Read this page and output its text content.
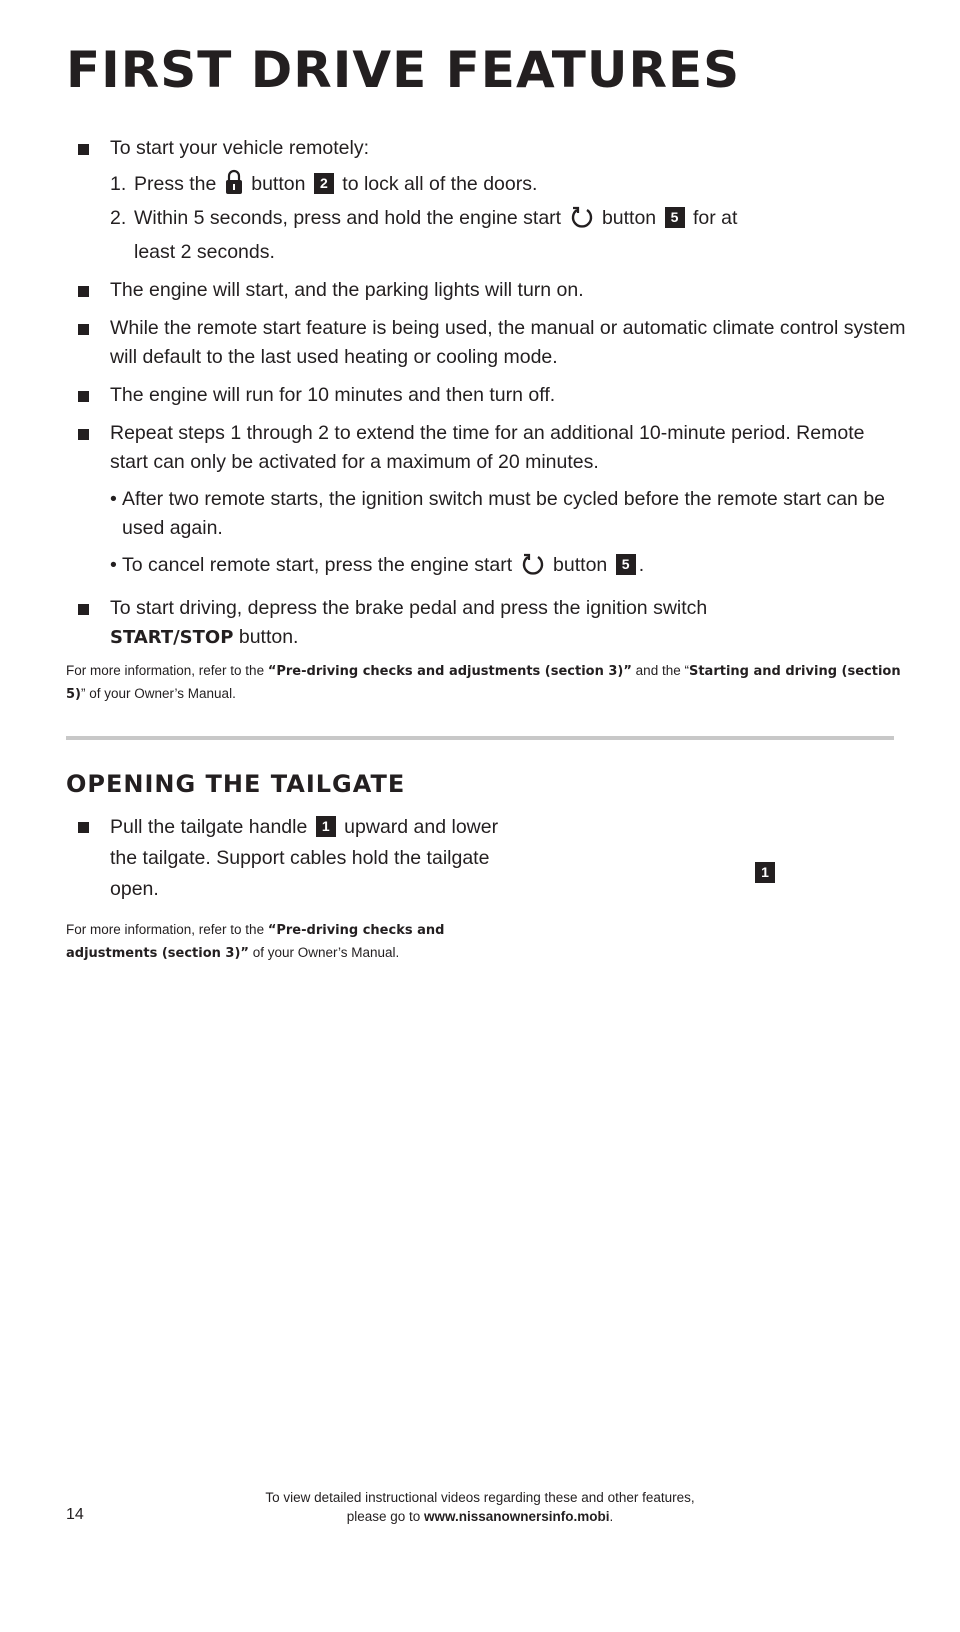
FIRST DRIVE FEATURES
To start your vehicle remotely:
1. Press the button 2 to lock all of the doors.
2. Within 5 seconds, press and hold the engine start button 5 for at
least 2 seconds.
The engine will start, and the parking lights will turn on.
While the remote start feature is being used, the manual or automatic climate control system will default to the last used heating or cooling mode.
The engine will run for 10 minutes and then turn off.
Repeat steps 1 through 2 to extend the time for an additional 10-minute period. Remote start can only be activated for a maximum of 20 minutes.
• After two remote starts, the ignition switch must be cycled before the remote start can be used again.
• To cancel remote start, press the engine start button 5 .
To start driving, depress the brake pedal and press the ignition switch
START/STOP button.
For more information, refer to the “Pre-driving checks and adjustments (section 3)” and the “Starting and driving (section 5)” of your Owner’s Manual.
OPENING THE TAILGATE
Pull the tailgate handle 1 upward and lower the tailgate. Support cables hold the tailgate open.
For more information, refer to the “Pre-driving checks and adjustments (section 3)” of your Owner’s Manual.
1
To view detailed instructional videos regarding these and other features,
please go to www.nissanownersinfo.mobi.
14
